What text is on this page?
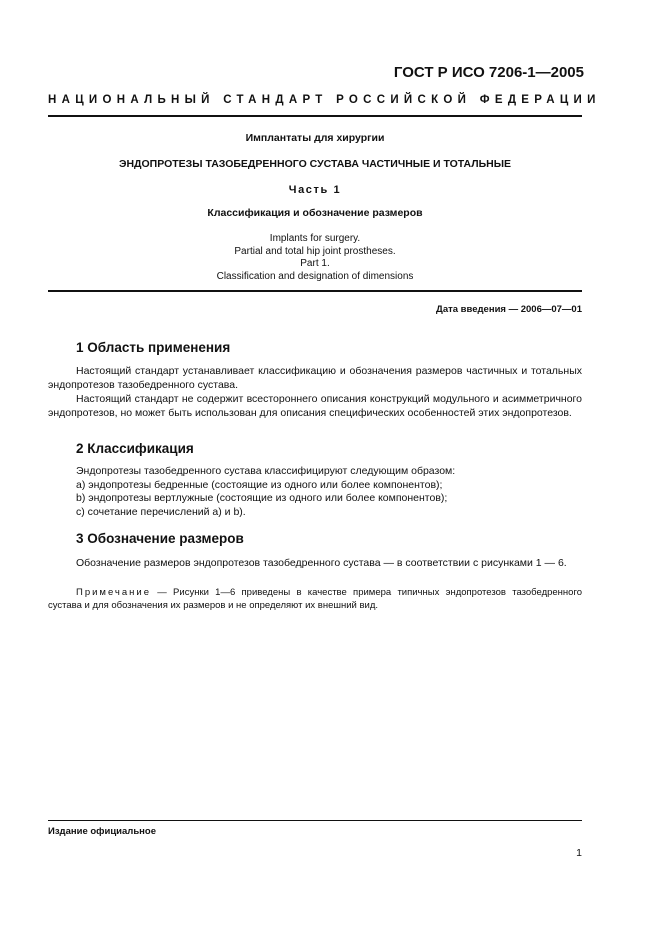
ГОСТ Р ИСО 7206-1—2005
НАЦИОНАЛЬНЫЙ СТАНДАРТ РОССИЙСКОЙ ФЕДЕРАЦИИ
Имплантаты для хирургии
ЭНДОПРОТЕЗЫ ТАЗОБЕДРЕННОГО СУСТАВА ЧАСТИЧНЫЕ И ТОТАЛЬНЫЕ
Часть 1
Классификация и обозначение размеров
Implants for surgery.
Partial and total hip joint prostheses.
Part 1.
Classification and designation of dimensions
Дата введения — 2006—07—01
1 Область применения

Настоящий стандарт устанавливает классификацию и обозначения размеров частичных и тотальных эндопротезов тазобедренного сустава.

Настоящий стандарт не содержит всестороннего описания конструкций модульного и асимметричного эндопротезов, но может быть использован для описания специфических особенностей этих эндопротезов.

2 Классификация
Эндопротезы тазобедренного сустава классифицируют следующим образом:
a) эндопротезы бедренные (состоящие из одного или более компонентов);
b) эндопротезы вертлужные (состоящие из одного или более компонентов);
c) сочетание перечислений a) и b).
3 Обозначение размеров

Обозначение размеров эндопротезов тазобедренного сустава — в соответствии с рисунками 1 — 6.

Примечание — Рисунки 1—6 приведены в качестве примера типичных эндопротезов тазобедренного сустава и для обозначения их размеров и не определяют их внешний вид.
Издание официальное
1
